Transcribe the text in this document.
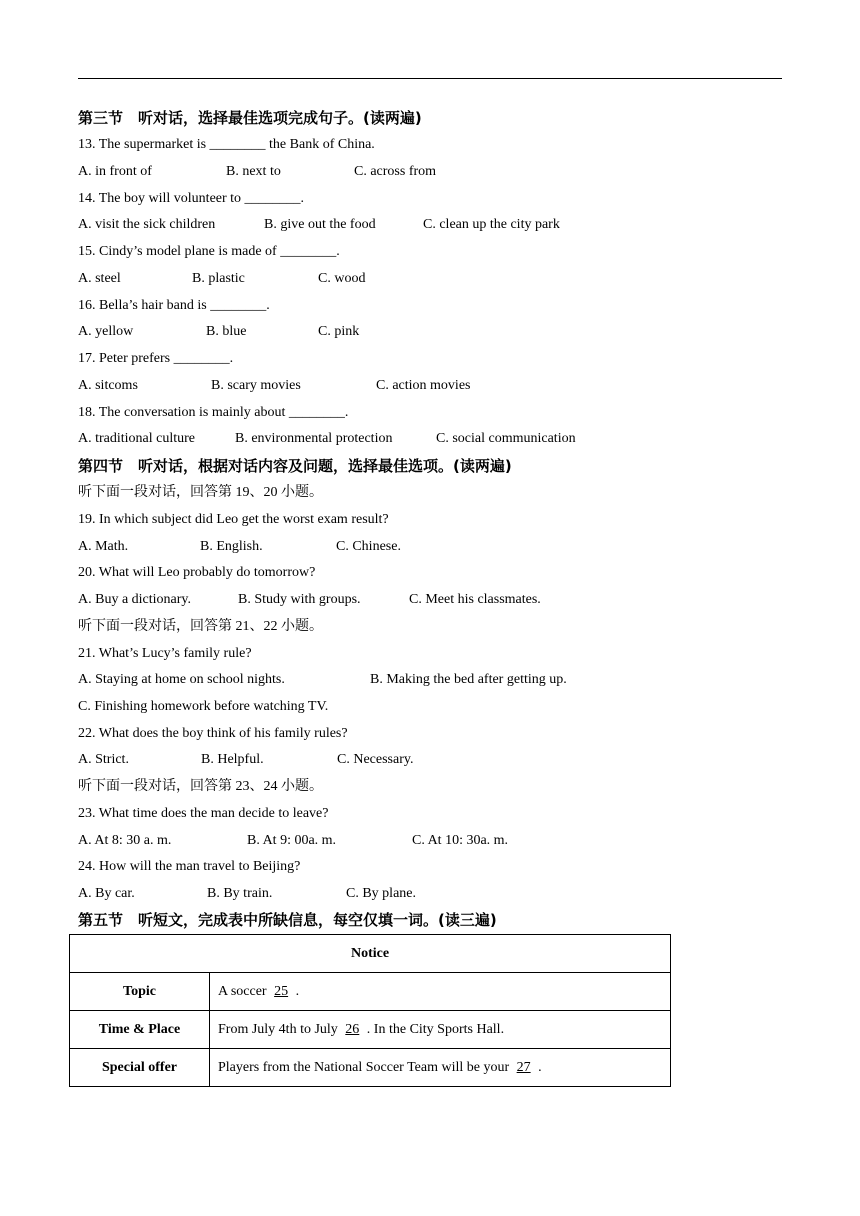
第三节　听对话，选择最佳选项完成句子。(读两遍)
13. The supermarket is ________ the Bank of China.

A. in front of

	B. next to

	C. across from

14. The boy will volunteer to ________.

A. visit the sick children

	B. give out the food

	C. clean up the city park

15. Cindy’s model plane is made of ________.

A. steel

	B. plastic

	C. wood

16. Bella’s hair band is ________.

A. yellow

	B. blue

	C. pink

17. Peter prefers ________.

A. sitcoms

	B. scary movies

	C. action movies

18. The conversation is mainly about ________.

A. traditional culture

	B. environmental protection

	C. social communication

第四节　听对话，根据对话内容及问题，选择最佳选项。(读两遍)
听下面一段对话，回答第 19、20 小题。
19. In which subject did Leo get the worst exam result?

A. Math.

	B. English.

	C. Chinese.

20. What will Leo probably do tomorrow?

A. Buy a dictionary.

	B. Study with groups.

	C. Meet his classmates.

听下面一段对话，回答第 21、22 小题。
21. What’s Lucy’s family rule?

A. Staying at home on school nights.

	B. Making the bed after getting up.

C. Finishing homework before watching TV.
22. What does the boy think of his family rules?

A. Strict.

	B. Helpful.

	C. Necessary.

听下面一段对话，回答第 23、24 小题。
23. What time does the man decide to leave?

A. At 8: 30 a. m.

	B. At 9: 00a. m.

	C. At 10: 30a. m.

24. How will the man travel to Beijing?

A. By car.

	B. By train.

	C. By plane.

第五节　听短文，完成表中所缺信息，每空仅填一词。(读三遍)
Notice	
Topic	A soccer 25 .
Time & Place	From July 4th to July 26 . In the City Sports Hall.
Special offer	Players from the National Soccer Team will be your 27 .
